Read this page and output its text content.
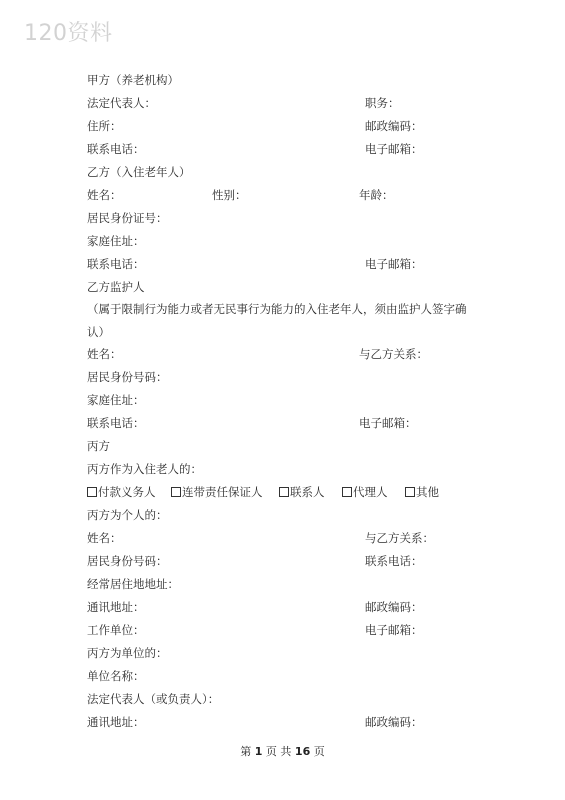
120资料
甲方（养老机构）
法定代表人：	职务：
住所：	邮政编码：
联系电话：	电子邮箱：
乙方（入住老年人）
姓名：	性别：	年龄：
居民身份证号：
家庭住址：
联系电话：	电子邮箱：
乙方监护人
（属于限制行为能力或者无民事行为能力的入住老年人，须由监护人签字确认）
姓名：	与乙方关系：
居民身份号码：
家庭住址：
联系电话：	电子邮箱：
丙方
丙方作为入住老人的：
付款义务人	连带责任保证人	联系人	代理人	其他
丙方为个人的：
姓名：	与乙方关系：
居民身份号码：	联系电话：
经常居住地地址：
通讯地址：	邮政编码：
工作单位：	电子邮箱：
丙方为单位的：
单位名称：
法定代表人（或负责人）：
通讯地址：	邮政编码：
第 1 页 共 16 页
